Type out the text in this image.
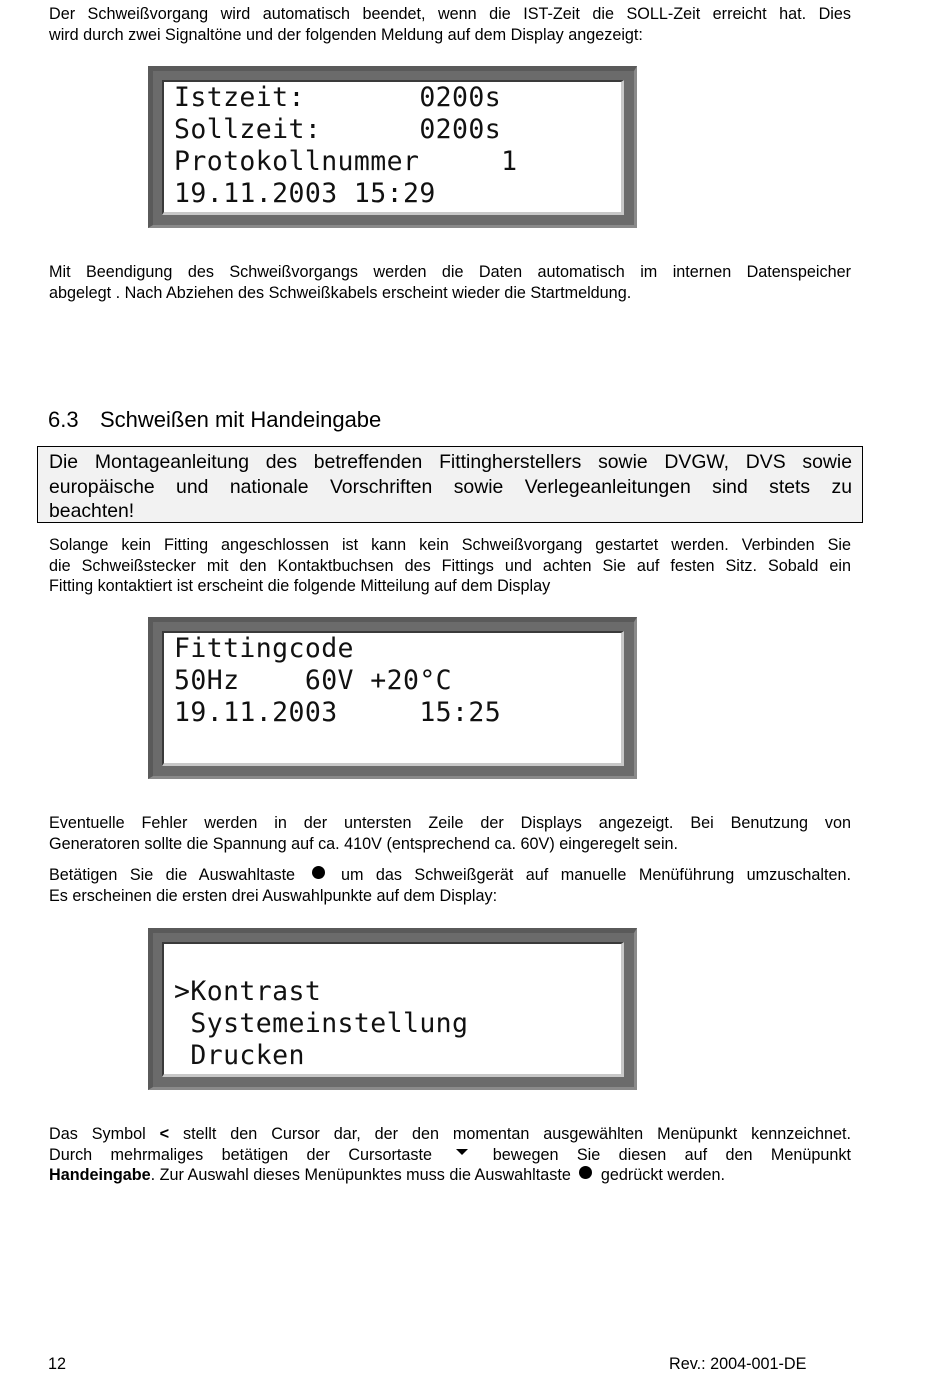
Der Schweißvorgang wird automatisch beendet, wenn die IST-Zeit die SOLL-Zeit erreicht hat. Dies
wird durch zwei Signaltöne und der folgenden Meldung auf dem Display angezeigt:

Istzeit:       0200s
Sollzeit:      0200s
Protokollnummer     1
19.11.2003 15:29

Mit Beendigung des Schweißvorgangs werden die Daten automatisch im internen Datenspeicher
abgelegt . Nach Abziehen des Schweißkabels erscheint wieder die Startmeldung.

6.3 Schweißen mit Handeingabe

Die Montageanleitung des betreffenden Fittingherstellers sowie DVGW, DVS sowie
europäische und nationale Vorschriften sowie Verlegeanleitungen sind stets zu
beachten!

Solange kein Fitting angeschlossen ist kann kein Schweißvorgang gestartet werden. Verbinden Sie
die Schweißstecker mit den Kontaktbuchsen des Fittings und achten Sie auf festen Sitz. Sobald ein
Fitting kontaktiert ist erscheint die folgende Mitteilung auf dem Display

Fittingcode
50Hz    60V +20°C
19.11.2003     15:25

Eventuelle Fehler werden in der untersten Zeile der Displays angezeigt. Bei Benutzung von
Generatoren sollte die Spannung auf ca. 410V (entsprechend ca. 60V) eingeregelt sein.

Betätigen Sie die Auswahltaste	um das Schweißgerät auf manuelle Menüführung umzuschalten.
Es erscheinen die ersten drei Auswahlpunkte auf dem Display:

>Kontrast
Systemeinstellung
Drucken

Das Symbol < stellt den Cursor dar, der den momentan ausgewählten Menüpunkt kennzeichnet.
Durch mehrmaliges betätigen der Cursortaste	bewegen Sie diesen auf den Menüpunkt
Handeingabe. Zur Auswahl dieses Menüpunktes muss die Auswahltaste gedrückt werden.

12	Rev.: 2004-001-DE
